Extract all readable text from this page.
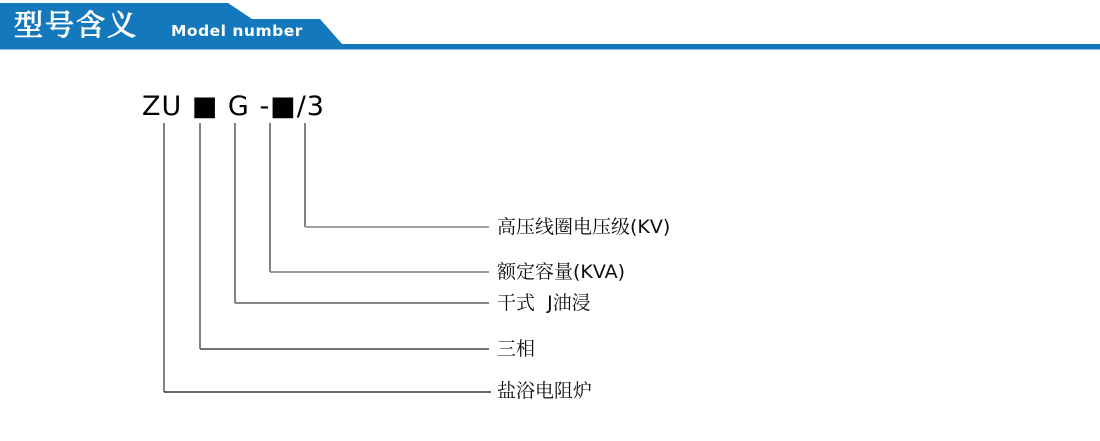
型号含义 Model number
ZU ■ G -■/3
高压线圈电压级(KV)
额定容量(KVA)
干式  J油浸
三相
盐浴电阻炉
